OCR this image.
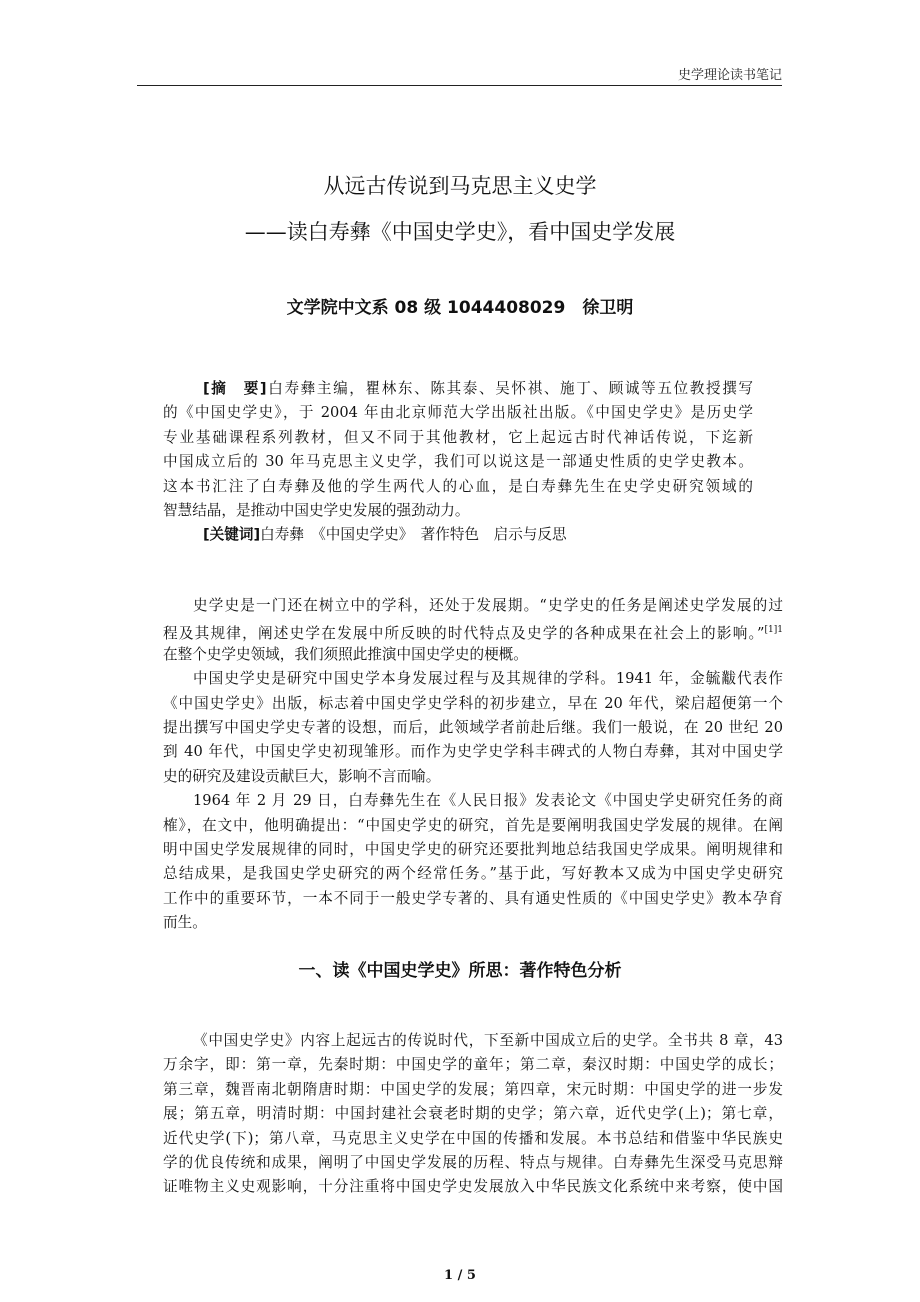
史学理论读书笔记
从远古传说到马克思主义史学
——读白寿彝《中国史学史》，看中国史学发展
文学院中文系 08 级 1044408029　徐卫明
[摘　要]白寿彝主编，瞿林东、陈其泰、吴怀祺、施丁、顾诚等五位教授撰写
的《中国史学史》，于 2004 年由北京师范大学出版社出版。《中国史学史》是历史学
专业基础课程系列教材，但又不同于其他教材，它上起远古时代神话传说，下迄新
中国成立后的 30 年马克思主义史学，我们可以说这是一部通史性质的史学史教本。
这本书汇注了白寿彝及他的学生两代人的心血，是白寿彝先生在史学史研究领域的
智慧结晶，是推动中国史学史发展的强劲动力。
[关键词]白寿彝　《中国史学史》　著作特色　启示与反思
史学史是一门还在树立中的学科，还处于发展期。“史学史的任务是阐述史学发展的过
程及其规律，阐述史学在发展中所反映的时代特点及史学的各种成果在社会上的影响。”$^{[1]1}$
在整个史学史领域，我们须照此推演中国史学史的梗概。
中国史学史是研究中国史学本身发展过程与及其规律的学科。1941 年，金毓黻代表作
《中国史学史》出版，标志着中国史学史学科的初步建立，早在 20 年代，梁启超便第一个
提出撰写中国史学史专著的设想，而后，此领域学者前赴后继。我们一般说，在 20 世纪 20
到 40 年代，中国史学史初现雏形。而作为史学史学科丰碑式的人物白寿彝，其对中国史学
史的研究及建设贡献巨大，影响不言而喻。
1964 年 2 月 29 日，白寿彝先生在《人民日报》发表论文《中国史学史研究任务的商
榷》，在文中，他明确提出：“中国史学史的研究，首先是要阐明我国史学发展的规律。在阐
明中国史学发展规律的同时，中国史学史的研究还要批判地总结我国史学成果。阐明规律和
总结成果，是我国史学史研究的两个经常任务。”基于此，写好教本又成为中国史学史研究
工作中的重要环节，一本不同于一般史学专著的、具有通史性质的《中国史学史》教本孕育
而生。
一、读《中国史学史》所思：著作特色分析
《中国史学史》内容上起远古的传说时代，下至新中国成立后的史学。全书共 8 章，43
万余字，即：第一章，先秦时期：中国史学的童年；第二章，秦汉时期：中国史学的成长；
第三章，魏晋南北朝隋唐时期：中国史学的发展；第四章，宋元时期：中国史学的进一步发
展；第五章，明清时期：中国封建社会衰老时期的史学；第六章，近代史学(上)；第七章，
近代史学(下)；第八章，马克思主义史学在中国的传播和发展。本书总结和借鉴中华民族史
学的优良传统和成果，阐明了中国史学发展的历程、特点与规律。白寿彝先生深受马克思辩
证唯物主义史观影响，十分注重将中国史学史发展放入中华民族文化系统中来考察，使中国
1 / 5
